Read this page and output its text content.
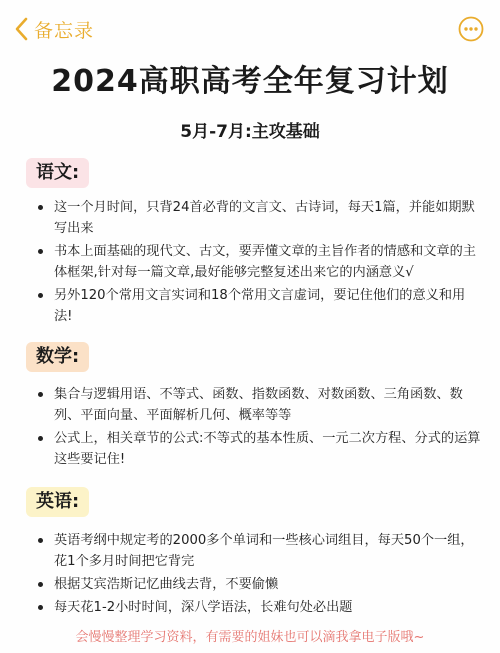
备忘录
2024高职高考全年复习计划
5月-7月:主攻基础
语文:
这一个月时间，只背24首必背的文言文、古诗词，每天1篇，并能如期默写出来
书本上面基础的现代文、古文，要弄懂文章的主旨作者的情感和文章的主体框架,针对每一篇文章,最好能够完整复述出来它的内涵意义√
另外120个常用文言实词和18个常用文言虚词，要记住他们的意义和用法!
数学:
集合与逻辑用语、不等式、函数、指数函数、对数函数、三角函数、数列、平面向量、平面解析几何、概率等等
公式上，相关章节的公式:不等式的基本性质、一元二次方程、分式的运算这些要记住!
英语:
英语考纲中规定考的2000多个单词和一些核心词组目，每天50个一组，花1个多月时间把它背完
根据艾宾浩斯记忆曲线去背，不要偷懒
每天花1-2小时时间，深八学语法，长难句处必出题
会慢慢整理学习资料，有需要的姐妹也可以滴我拿电子版哦~
